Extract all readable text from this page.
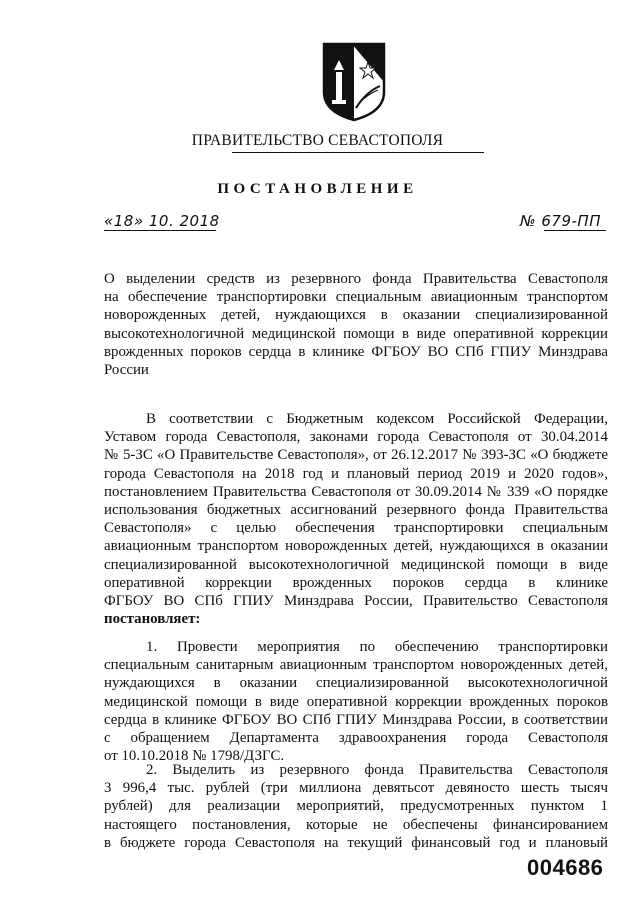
ПРАВИТЕЛЬСТВО СЕВАСТОПОЛЯ
ПОСТАНОВЛЕНИЕ
«18» 10. 2018	№ 679-ПП
О выделении средств из резервного фонда Правительства Севастополя
на обеспечение транспортировки специальным авиационным транспортом
новорожденных детей, нуждающихся в оказании специализированной
высокотехнологичной медицинской помощи в виде оперативной коррекции
врожденных пороков сердца в клинике ФГБОУ ВО СПб ГПИУ Минздрава
России
В соответствии с Бюджетным кодексом Российской Федерации,
Уставом города Севастополя, законами города Севастополя от 30.04.2014
№ 5-ЗС «О Правительстве Севастополя», от 26.12.2017 № 393-ЗС «О бюджете
города Севастополя на 2018 год и плановый период 2019 и 2020 годов»,
постановлением Правительства Севастополя от 30.09.2014 № 339 «О порядке
использования бюджетных ассигнований резервного фонда Правительства
Севастополя» с целью обеспечения транспортировки специальным
авиационным транспортом новорожденных детей, нуждающихся в оказании
специализированной высокотехнологичной медицинской помощи в виде
оперативной коррекции врожденных пороков сердца в клинике
ФГБОУ ВО СПб ГПИУ Минздрава России, Правительство Севастополя
постановляет:
1. Провести мероприятия по обеспечению транспортировки
специальным санитарным авиационным транспортом новорожденных детей,
нуждающихся в оказании специализированной высокотехнологичной
медицинской помощи в виде оперативной коррекции врожденных пороков
сердца в клинике ФГБОУ ВО СПб ГПИУ Минздрава России, в соответствии
с обращением Департамента здравоохранения города Севастополя
от 10.10.2018 № 1798/ДЗГС.
2. Выделить из резервного фонда Правительства Севастополя
3 996,4 тыс. рублей (три миллиона девятьсот девяносто шесть тысяч
рублей) для реализации мероприятий, предусмотренных пунктом 1
настоящего постановления, которые не обеспечены финансированием
в бюджете города Севастополя на текущий финансовый год и плановый
004686
